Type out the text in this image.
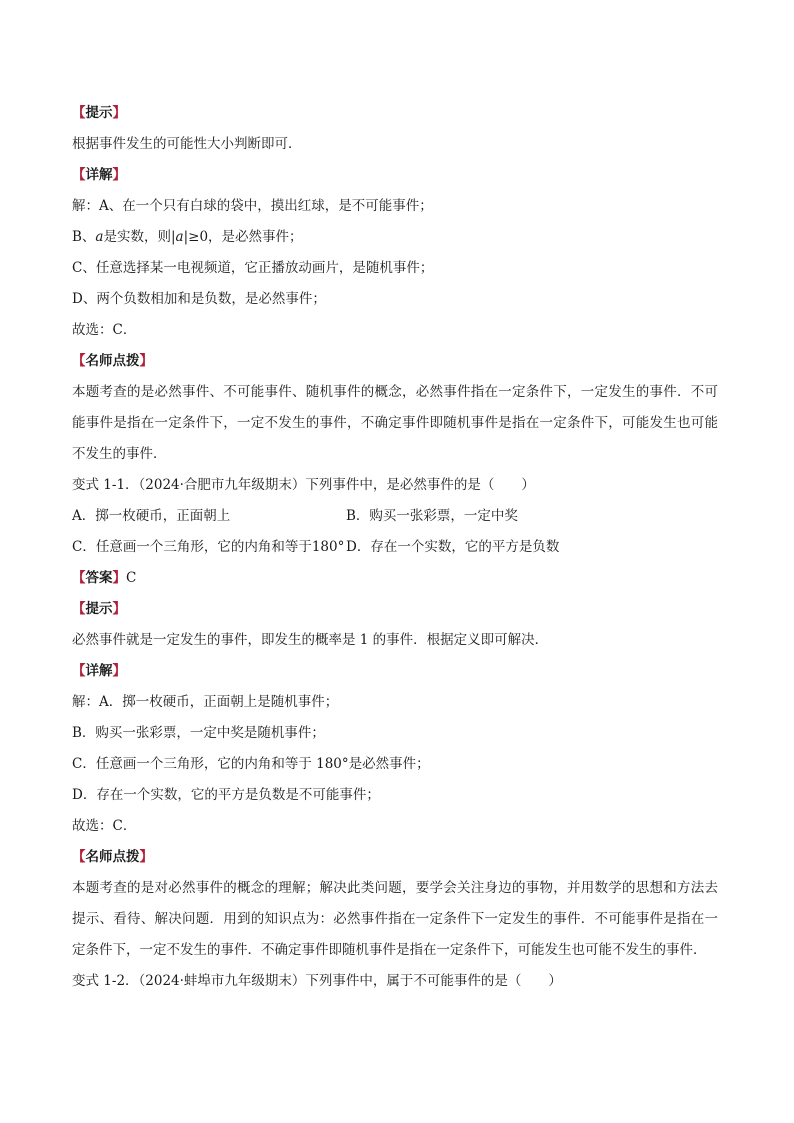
【提示】
根据事件发生的可能性大小判断即可．
【详解】
解：A、在一个只有白球的袋中，摸出红球，是不可能事件；
B、a是实数，则|a|≥0，是必然事件；
C、任意选择某一电视频道，它正播放动画片，是随机事件；
D、两个负数相加和是负数，是必然事件；
故选：C．
【名师点拨】
本题考查的是必然事件、不可能事件、随机事件的概念，必然事件指在一定条件下，一定发生的事件．不可能事件是指在一定条件下，一定不发生的事件，不确定事件即随机事件是指在一定条件下，可能发生也可能不发生的事件．
变式 1-1．（2024·合肥市九年级期末）下列事件中，是必然事件的是（　　）
A．掷一枚硬币，正面朝上	B．购买一张彩票，一定中奖
C．任意画一个三角形，它的内角和等于180° D．存在一个实数，它的平方是负数
【答案】C
【提示】
必然事件就是一定发生的事件，即发生的概率是 1 的事件．根据定义即可解决．
【详解】
解：A．掷一枚硬币，正面朝上是随机事件；
B．购买一张彩票，一定中奖是随机事件；
C．任意画一个三角形，它的内角和等于 180°是必然事件；
D．存在一个实数，它的平方是负数是不可能事件；
故选：C．
【名师点拨】
本题考查的是对必然事件的概念的理解；解决此类问题，要学会关注身边的事物，并用数学的思想和方法去提示、看待、解决问题．用到的知识点为：必然事件指在一定条件下一定发生的事件．不可能事件是指在一定条件下，一定不发生的事件．不确定事件即随机事件是指在一定条件下，可能发生也可能不发生的事件．
变式 1-2．（2024·蚌埠市九年级期末）下列事件中，属于不可能事件的是（　　）
